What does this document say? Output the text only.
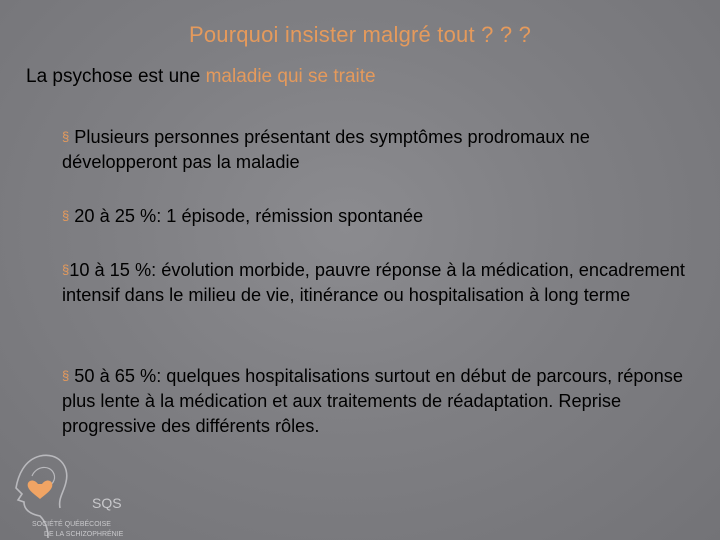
Pourquoi insister malgré tout ? ? ?
La psychose est une maladie qui se traite

§ Plusieurs personnes présentant des symptômes prodromaux ne développeront pas la maladie

§ 20 à 25 %: 1 épisode, rémission spontanée

§10 à 15 %: évolution morbide, pauvre réponse à la médication, encadrement intensif dans le milieu de vie, itinérance ou hospitalisation à long terme

§ 50 à 65 %: quelques hospitalisations surtout en début de parcours, réponse plus lente à la médication et aux traitements de réadaptation. Reprise progressive des différents rôles.

SQS
SOCIÉTÉ QUÉBÉCOISE
DE LA SCHIZOPHRÉNIE
